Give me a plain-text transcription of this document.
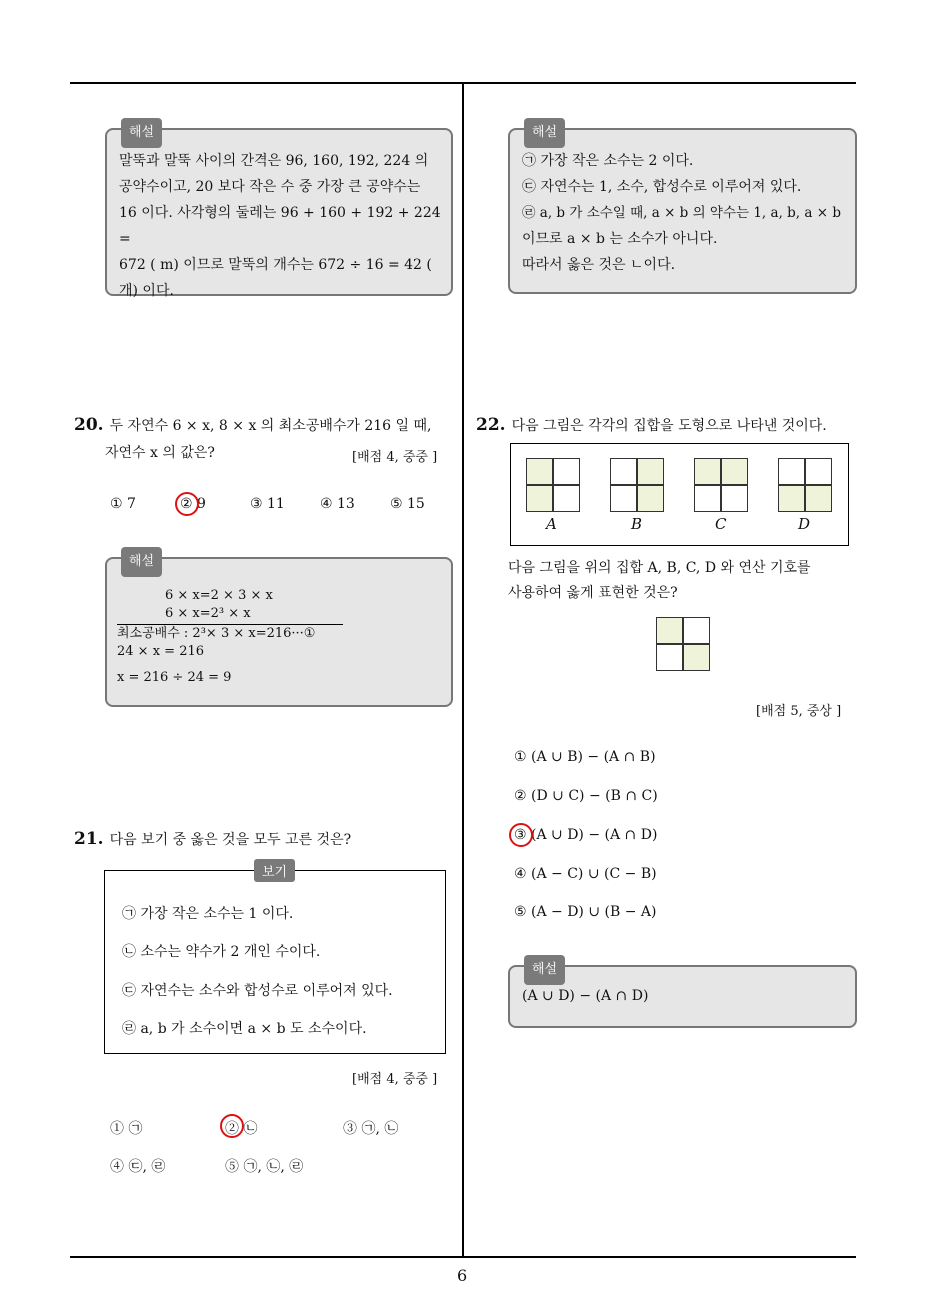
해설
말뚝과 말뚝 사이의 간격은 96, 160, 192, 224 의
공약수이고, 20 보다 작은 수 중 가장 큰 공약수는
16 이다. 사각형의 둘레는 96 + 160 + 192 + 224 =
672 ( m) 이므로 말뚝의 개수는 672 ÷ 16 = 42 (
개) 이다.
20. 두 자연수 6 × x, 8 × x 의 최소공배수가 216 일 때,
자연수 x 의 값은?	[배점 4, 중중 ]
① 7	② 9	③ 11	④ 13	⑤ 15
해설
6 × x=2 × 3 × x
6 × x=2³ × x
최소공배수 : 2³× 3 × x=216···①
24 × x = 216
x = 216 ÷ 24 = 9
21. 다음 보기 중 옳은 것을 모두 고른 것은?
보기
㉠ 가장 작은 소수는 1 이다.
㉡ 소수는 약수가 2 개인 수이다.
㉢ 자연수는 소수와 합성수로 이루어져 있다.
㉣ a, b 가 소수이면 a × b 도 소수이다.
[배점 4, 중중 ]
① ㉠	② ㉡	③ ㉠, ㉡
④ ㉢, ㉣	⑤ ㉠, ㉡, ㉣
해설
㉠ 가장 작은 소수는 2 이다.
㉢ 자연수는 1, 소수, 합성수로 이루어져 있다.
㉣ a, b 가 소수일 때, a × b 의 약수는 1, a, b, a × b
이므로 a × b 는 소수가 아니다.
따라서 옳은 것은 ㄴ이다.
22. 다음 그림은 각각의 집합을 도형으로 나타낸 것이다.
A	B	C	D
다음 그림을 위의 집합 A, B, C, D 와 연산 기호를
사용하여 옳게 표현한 것은?
[배점 5, 중상 ]
① (A ∪ B) − (A ∩ B)
② (D ∪ C) − (B ∩ C)
③ (A ∪ D) − (A ∩ D)
④ (A − C) ∪ (C − B)
⑤ (A − D) ∪ (B − A)
해설
(A ∪ D) − (A ∩ D)
6
